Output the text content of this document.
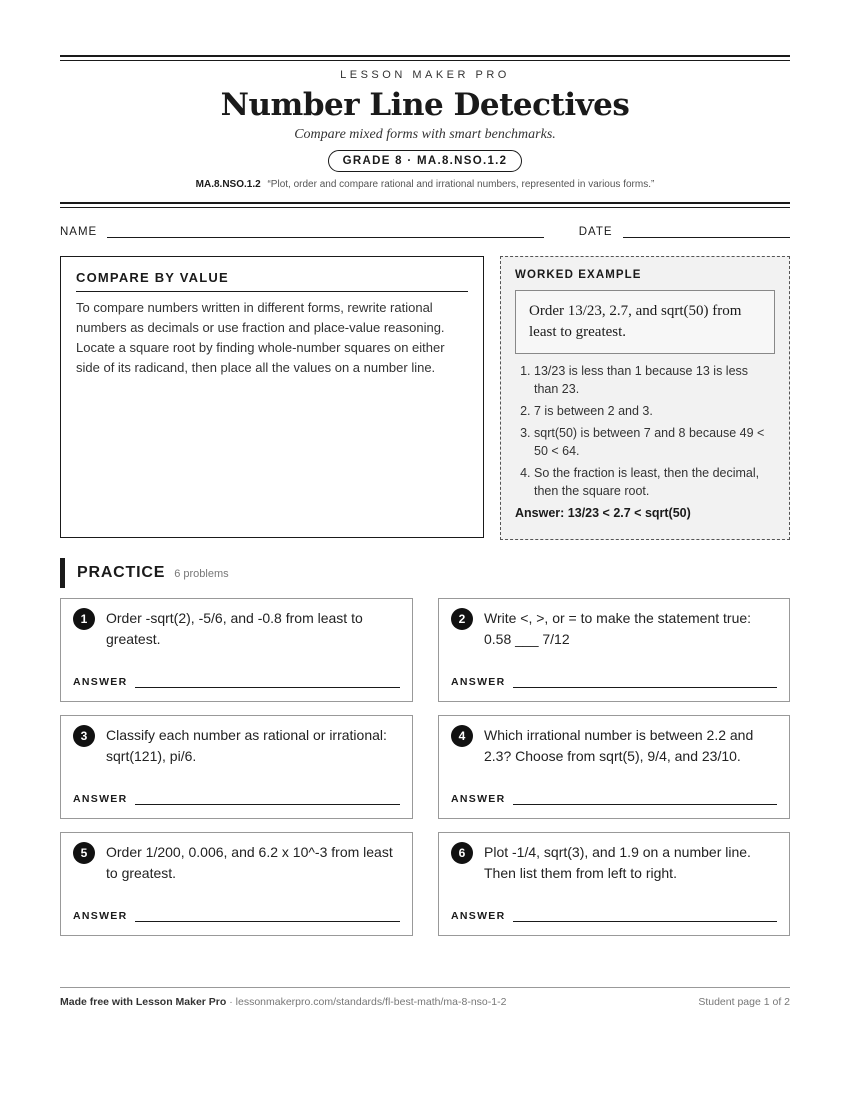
LESSON MAKER PRO
Number Line Detectives
Compare mixed forms with smart benchmarks.
GRADE 8 · MA.8.NSO.1.2
MA.8.NSO.1.2 “Plot, order and compare rational and irrational numbers, represented in various forms.”
NAME	DATE
COMPARE BY VALUE
To compare numbers written in different forms, rewrite rational numbers as decimals or use fraction and place-value reasoning. Locate a square root by finding whole-number squares on either side of its radicand, then place all the values on a number line.
WORKED EXAMPLE
Order 13/23, 2.7, and sqrt(50) from least to greatest.
1. 13/23 is less than 1 because 13 is less than 23.
2. 7 is between 2 and 3.
3. sqrt(50) is between 7 and 8 because 49 < 50 < 64.
4. So the fraction is least, then the decimal, then the square root.
Answer: 13/23 < 2.7 < sqrt(50)
PRACTICE 6 problems
1	Order -sqrt(2), -5/6, and -0.8 from least to greatest.
ANSWER
2	Write <, >, or = to make the statement true: 0.58 ___ 7/12
ANSWER
3	Classify each number as rational or irrational: sqrt(121), pi/6.
ANSWER
4	Which irrational number is between 2.2 and 2.3? Choose from sqrt(5), 9/4, and 23/10.
ANSWER
5	Order 1/200, 0.006, and 6.2 x 10^-3 from least to greatest.
ANSWER
6	Plot -1/4, sqrt(3), and 1.9 on a number line. Then list them from left to right.
ANSWER
Made free with Lesson Maker Pro · lessonmakerpro.com/standards/fl-best-math/ma-8-nso-1-2	Student page 1 of 2
